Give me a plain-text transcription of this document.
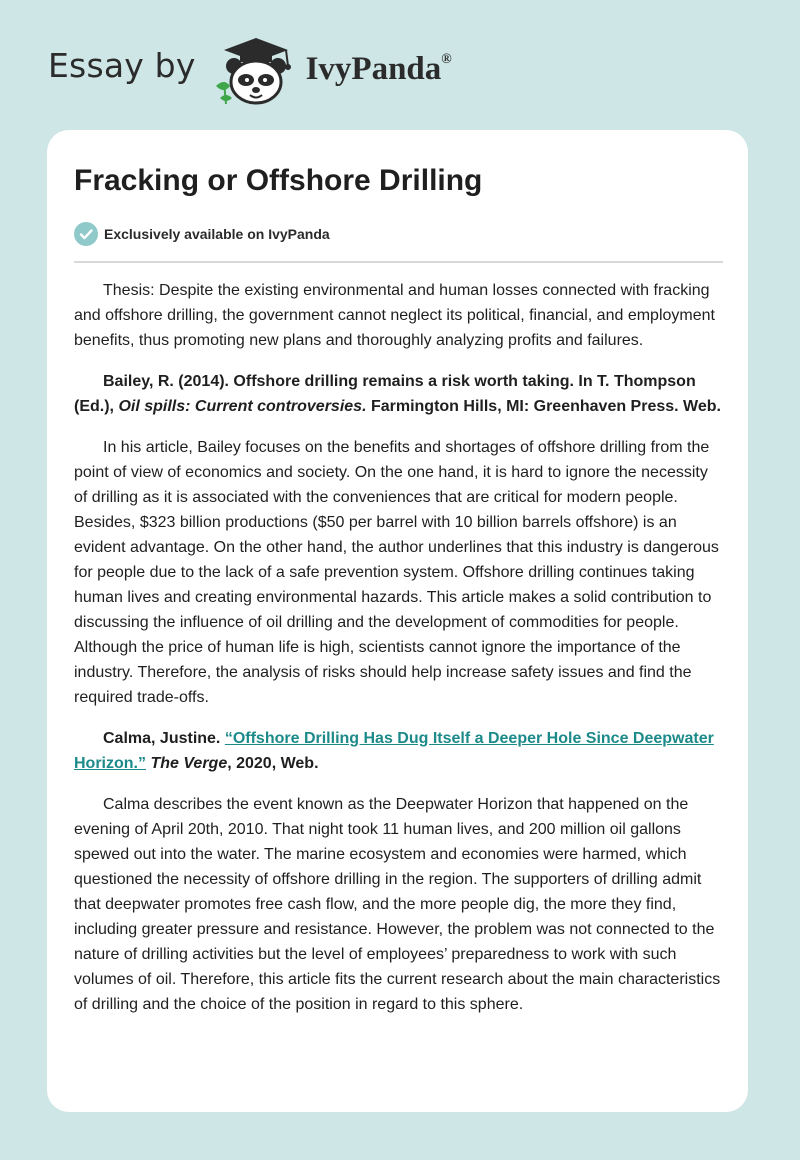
Essay by	IvyPanda®
Fracking or Offshore Drilling
Exclusively available on IvyPanda

Thesis: Despite the existing environmental and human losses connected with fracking and offshore drilling, the government cannot neglect its political, financial, and employment benefits, thus promoting new plans and thoroughly analyzing profits and failures.

Bailey, R. (2014). Offshore drilling remains a risk worth taking. In T. Thompson (Ed.), Oil spills: Current controversies. Farmington Hills, MI: Greenhaven Press. Web.

In his article, Bailey focuses on the benefits and shortages of offshore drilling from the point of view of economics and society. On the one hand, it is hard to ignore the necessity of drilling as it is associated with the conveniences that are critical for modern people. Besides, $323 billion productions ($50 per barrel with 10 billion barrels offshore) is an evident advantage. On the other hand, the author underlines that this industry is dangerous for people due to the lack of a safe prevention system. Offshore drilling continues taking human lives and creating environmental hazards. This article makes a solid contribution to discussing the influence of oil drilling and the development of commodities for people. Although the price of human life is high, scientists cannot ignore the importance of the industry. Therefore, the analysis of risks should help increase safety issues and find the required trade-offs.

Calma, Justine. “Offshore Drilling Has Dug Itself a Deeper Hole Since Deepwater Horizon.” The Verge, 2020, Web.

Calma describes the event known as the Deepwater Horizon that happened on the evening of April 20th, 2010. That night took 11 human lives, and 200 million oil gallons spewed out into the water. The marine ecosystem and economies were harmed, which questioned the necessity of offshore drilling in the region. The supporters of drilling admit that deepwater promotes free cash flow, and the more people dig, the more they find, including greater pressure and resistance. However, the problem was not connected to the nature of drilling activities but the level of employees’ preparedness to work with such volumes of oil. Therefore, this article fits the current research about the main characteristics of drilling and the choice of the position in regard to this sphere.
